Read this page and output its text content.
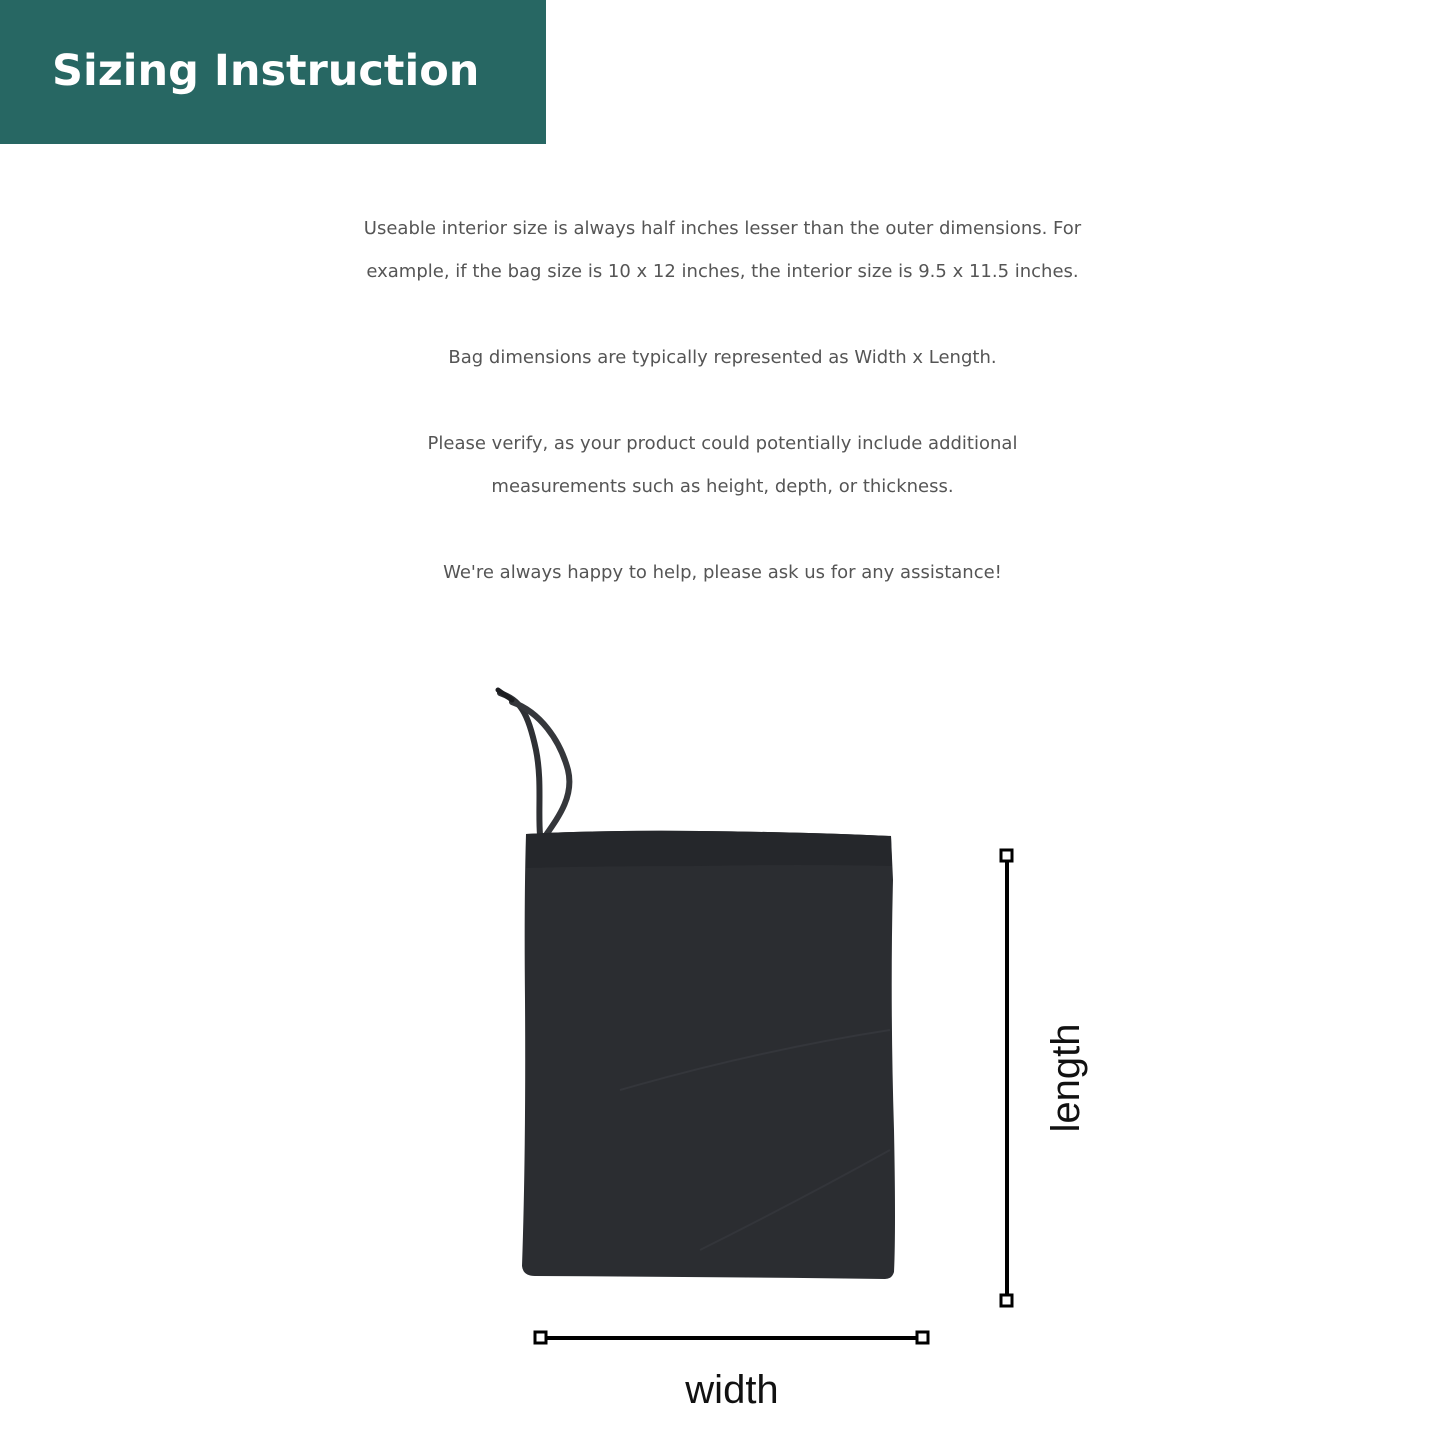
Sizing Instruction

Useable interior size is always half inches lesser than the outer dimensions. For
example, if the bag size is 10 x 12 inches, the interior size is 9.5 x 11.5 inches.

Bag dimensions are typically represented as Width x Length.

Please verify, as your product could potentially include additional
measurements such as height, depth, or thickness.

We're always happy to help, please ask us for any assistance!

width
length
